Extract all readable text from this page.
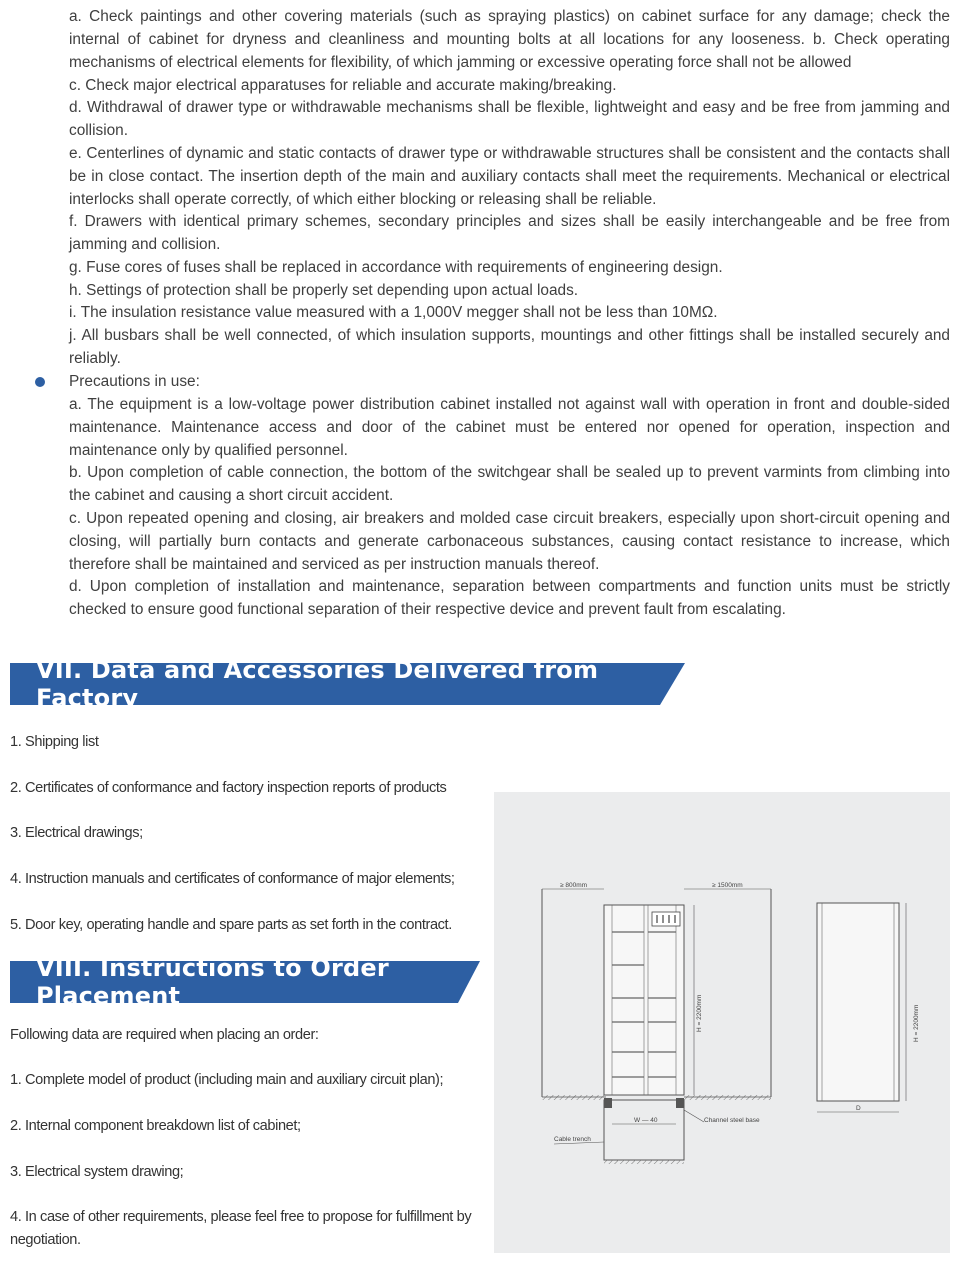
a. Check paintings and other covering materials (such as spraying plastics) on cabinet surface for any damage; check the internal of cabinet for dryness and cleanliness and mounting bolts at all locations for any looseness. b. Check operating mechanisms of electrical elements for flexibility, of which jamming or excessive operating force shall not be allowed
c. Check major electrical apparatuses for reliable and accurate making/breaking.
d. Withdrawal of drawer type or withdrawable mechanisms shall be flexible, lightweight and easy and be free from jamming and collision.
e. Centerlines of dynamic and static contacts of drawer type or withdrawable structures shall be consistent and the contacts shall be in close contact. The insertion depth of the main and auxiliary contacts shall meet the requirements. Mechanical or electrical interlocks shall operate correctly, of which either blocking or releasing shall be reliable.
f. Drawers with identical primary schemes, secondary principles and sizes shall be easily interchangeable and be free from jamming and collision.
g. Fuse cores of fuses shall be replaced in accordance with requirements of engineering design.
h. Settings of protection shall be properly set depending upon actual loads.
i. The insulation resistance value measured with a 1,000V megger shall not be less than 10MΩ.
j. All busbars shall be well connected, of which insulation supports, mountings and other fittings shall be installed securely and reliably.
Precautions in use:
a. The equipment is a low-voltage power distribution cabinet installed not against wall with operation in front and double-sided maintenance. Maintenance access and door of the cabinet must be entered nor opened for operation, inspection and maintenance only by qualified personnel.
b. Upon completion of cable connection, the bottom of the switchgear shall be sealed up to prevent varmints from climbing into the cabinet and causing a short circuit accident.
c. Upon repeated opening and closing, air breakers and molded case circuit breakers, especially upon short-circuit opening and closing, will partially burn contacts and generate carbonaceous substances, causing contact resistance to increase, which therefore shall be maintained and serviced as per instruction manuals thereof.
d. Upon completion of installation and maintenance, separation between compartments and function units must be strictly checked to ensure good functional separation of their respective device and prevent fault from escalating.
VII. Data and Accessories Delivered from Factory
1. Shipping list
2. Certificates of conformance and factory inspection reports of products
3. Electrical drawings;
4. Instruction manuals and certificates of conformance of major elements;
5. Door key, operating handle and spare parts as set forth in the contract.
VIII. Instructions to Order Placement
Following data are required when placing an order:
1. Complete model of product (including main and auxiliary circuit plan);
2. Internal component breakdown list of cabinet;
3. Electrical system drawing;
4. In case of other requirements, please feel free to propose for fulfillment by negotiation.
≥ 800mm	≥ 1500mm
H = 2200mm
W — 40	Channel steel base
Cable trench
H = 2200mm
D
